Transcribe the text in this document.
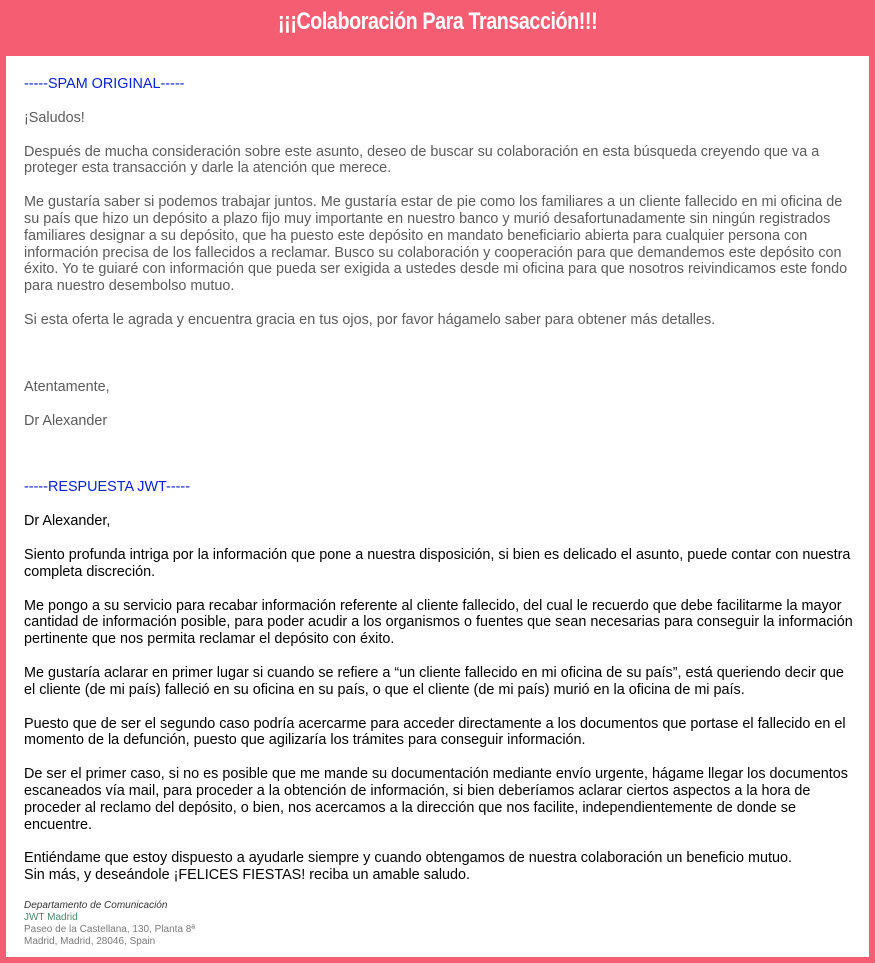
¡¡¡Colaboración Para Transacción!!!

-----SPAM ORIGINAL-----

¡Saludos!

Después de mucha consideración sobre este asunto, deseo de buscar su colaboración en esta búsqueda creyendo que va a proteger esta transacción y darle la atención que merece.

Me gustaría saber si podemos trabajar juntos. Me gustaría estar de pie como los familiares a un cliente fallecido en mi oficina de su país que hizo un depósito a plazo fijo muy importante en nuestro banco y murió desafortunadamente sin ningún registrados familiares designar a su depósito, que ha puesto este depósito en mandato beneficiario abierta para cualquier persona con información precisa de los fallecidos a reclamar. Busco su colaboración y cooperación para que demandemos este depósito con éxito. Yo te guiaré con información que pueda ser exigida a ustedes desde mi oficina para que nosotros reivindicamos este fondo para nuestro desembolso mutuo.

Si esta oferta le agrada y encuentra gracia en tus ojos, por favor hágamelo saber para obtener más detalles.

Atentamente,

Dr Alexander

-----RESPUESTA JWT-----

Dr Alexander,

Siento profunda intriga por la información que pone a nuestra disposición, si bien es delicado el asunto, puede contar con nuestra completa discreción.

Me pongo a su servicio para recabar información referente al cliente fallecido, del cual le recuerdo que debe facilitarme la mayor cantidad de información posible, para poder acudir a los organismos o fuentes que sean necesarias para conseguir la información pertinente que nos permita reclamar el depósito con éxito.

Me gustaría aclarar en primer lugar si cuando se refiere a “un cliente fallecido en mi oficina de su país”, está queriendo decir que el cliente (de mi país) falleció en su oficina en su país, o que el cliente (de mi país) murió en la oficina de mi país.

Puesto que de ser el segundo caso podría acercarme para acceder directamente a los documentos que portase el fallecido en el momento de la defunción, puesto que agilizaría los trámites para conseguir información.

De ser el primer caso, si no es posible que me mande su documentación mediante envío urgente, hágame llegar los documentos escaneados vía mail, para proceder a la obtención de información, si bien deberíamos aclarar ciertos aspectos a la hora de proceder al reclamo del depósito, o bien, nos acercamos a la dirección que nos facilite, independientemente de donde se encuentre.

Entiéndame que estoy dispuesto a ayudarle siempre y cuando obtengamos de nuestra colaboración un beneficio mutuo.

Sin más, y deseándole ¡FELICES FIESTAS! reciba un amable saludo.

Departamento de Comunicación
JWT Madrid
Paseo de la Castellana, 130, Planta 8ª
Madrid, Madrid, 28046, Spain
